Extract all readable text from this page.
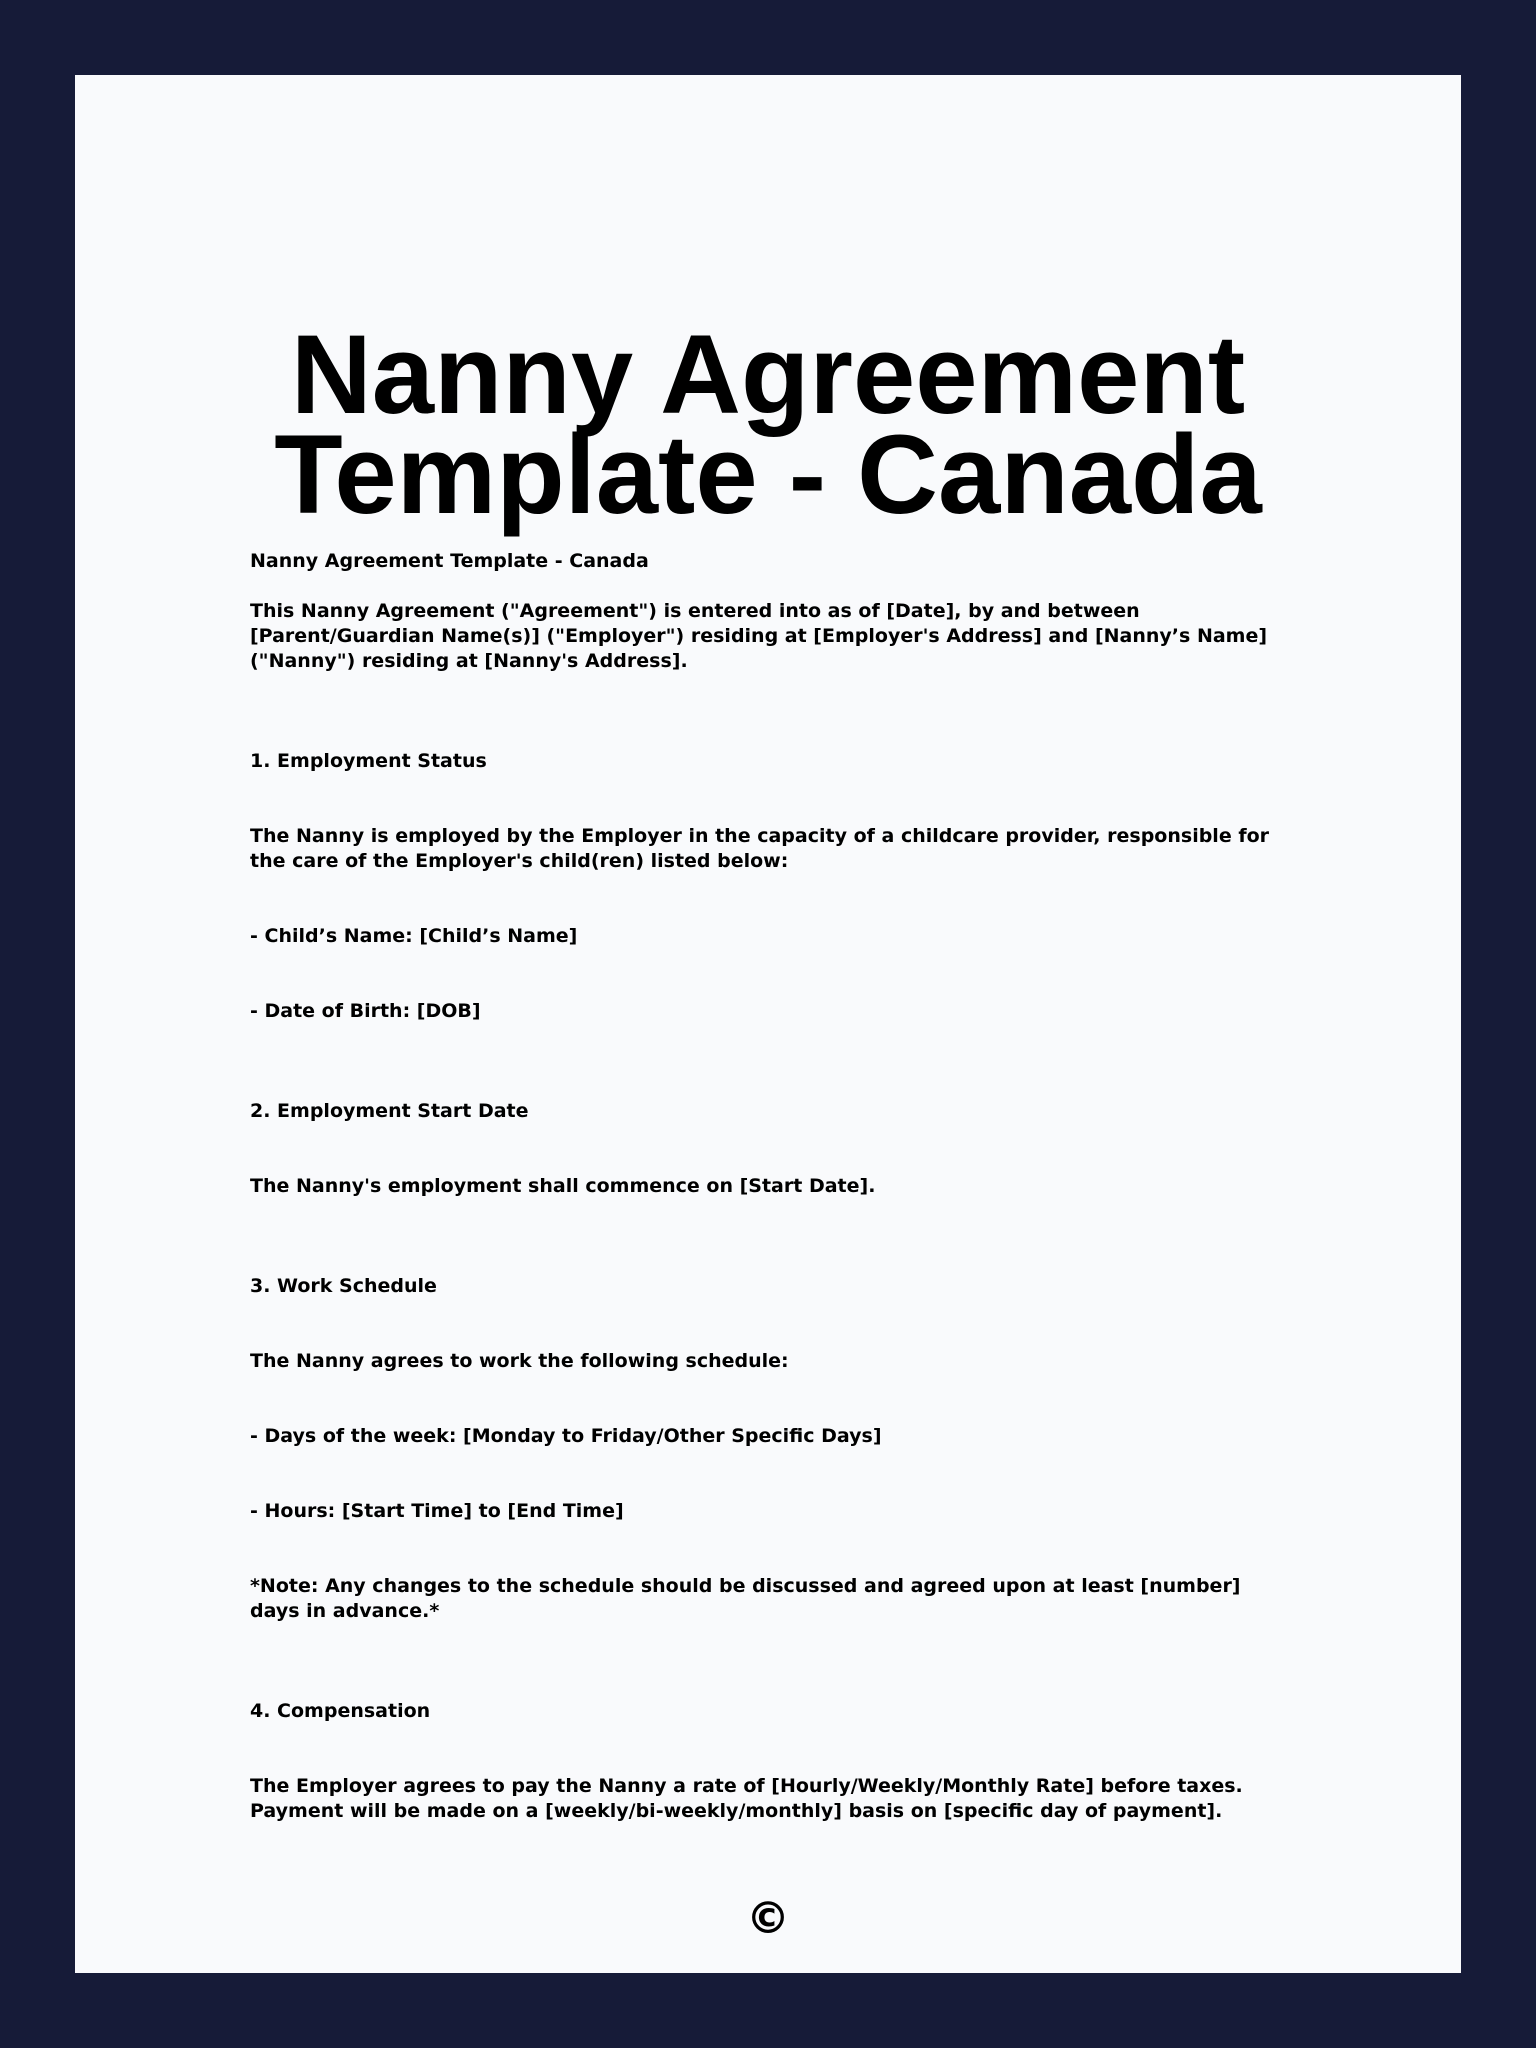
Nanny Agreement Template - Canada

Nanny Agreement Template - Canada

This Nanny Agreement ("Agreement") is entered into as of [Date], by and between [Parent/Guardian Name(s)] ("Employer") residing at [Employer's Address] and [Nanny’s Name] ("Nanny") residing at [Nanny's Address].

1. Employment Status

The Nanny is employed by the Employer in the capacity of a childcare provider, responsible for the care of the Employer's child(ren) listed below:

- Child’s Name: [Child’s Name]

- Date of Birth: [DOB]

2. Employment Start Date

The Nanny's employment shall commence on [Start Date].

3. Work Schedule

The Nanny agrees to work the following schedule:

- Days of the week: [Monday to Friday/Other Specific Days]

- Hours: [Start Time] to [End Time]

*Note: Any changes to the schedule should be discussed and agreed upon at least [number] days in advance.*

4. Compensation

The Employer agrees to pay the Nanny a rate of [Hourly/Weekly/Monthly Rate] before taxes. Payment will be made on a [weekly/bi-weekly/monthly] basis on [specific day of payment].

©
